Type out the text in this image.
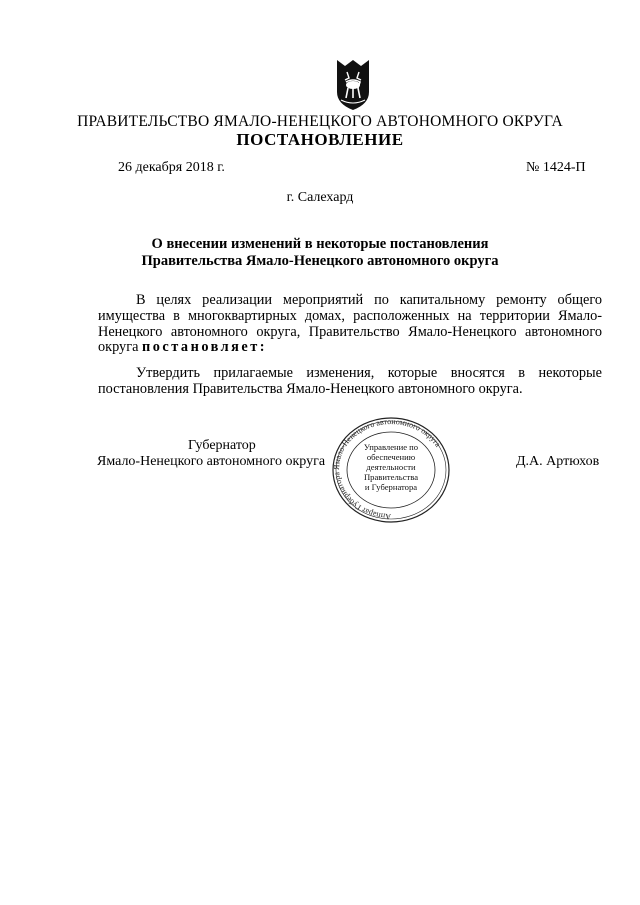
ПРАВИТЕЛЬСТВО ЯМАЛО-НЕНЕЦКОГО АВТОНОМНОГО ОКРУГА
ПОСТАНОВЛЕНИЕ
26 декабря 2018 г.	№ 1424-П
г. Салехард
О внесении изменений в некоторые постановления
Правительства Ямало-Ненецкого автономного округа
В целях реализации мероприятий по капитальному ремонту общего имущества в многоквартирных домах, расположенных на территории Ямало-Ненецкого автономного округа, Правительство Ямало-Ненецкого автономного округа постановляет:
Утвердить прилагаемые изменения, которые вносятся в некоторые постановления Правительства Ямало-Ненецкого автономного округа.
Аппарат Губернатора Ямало-Ненецкого автономного округа
Управление по
обеспечению
деятельности
Правительства
и Губернатора
Губернатор
Ямало-Ненецкого автономного округа	Д.А. Артюхов
